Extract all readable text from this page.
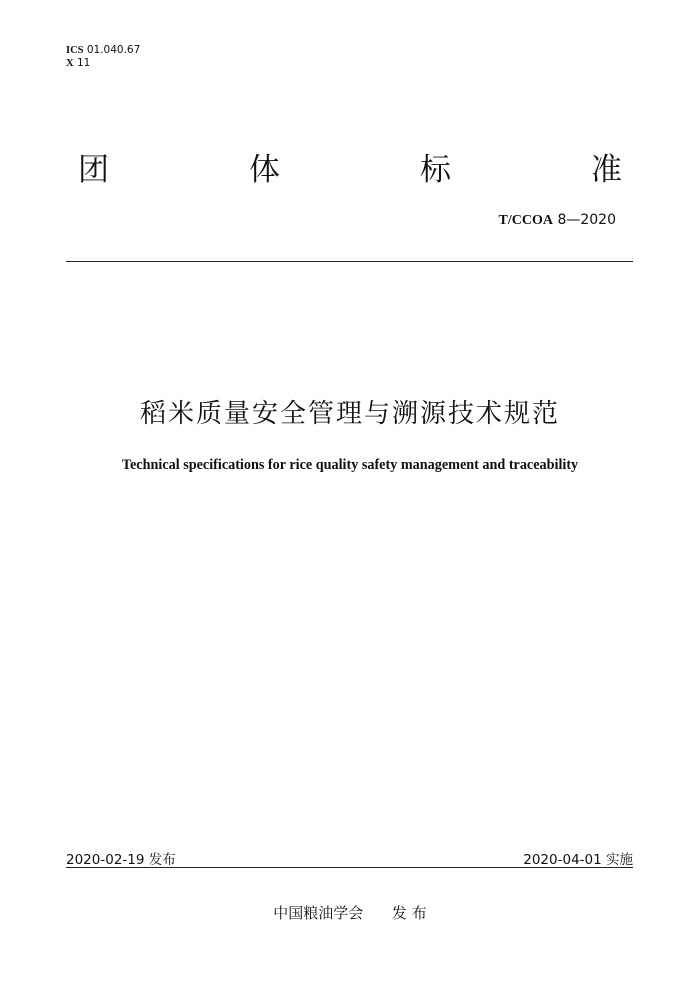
ICS 01.040.67
X 11
团	体	标	准
T/CCOA 8—2020
稻米质量安全管理与溯源技术规范
Technical specifications for rice quality safety management and traceability
2020-02-19 发布	2020-04-01 实施
中国粮油学会 发 布
